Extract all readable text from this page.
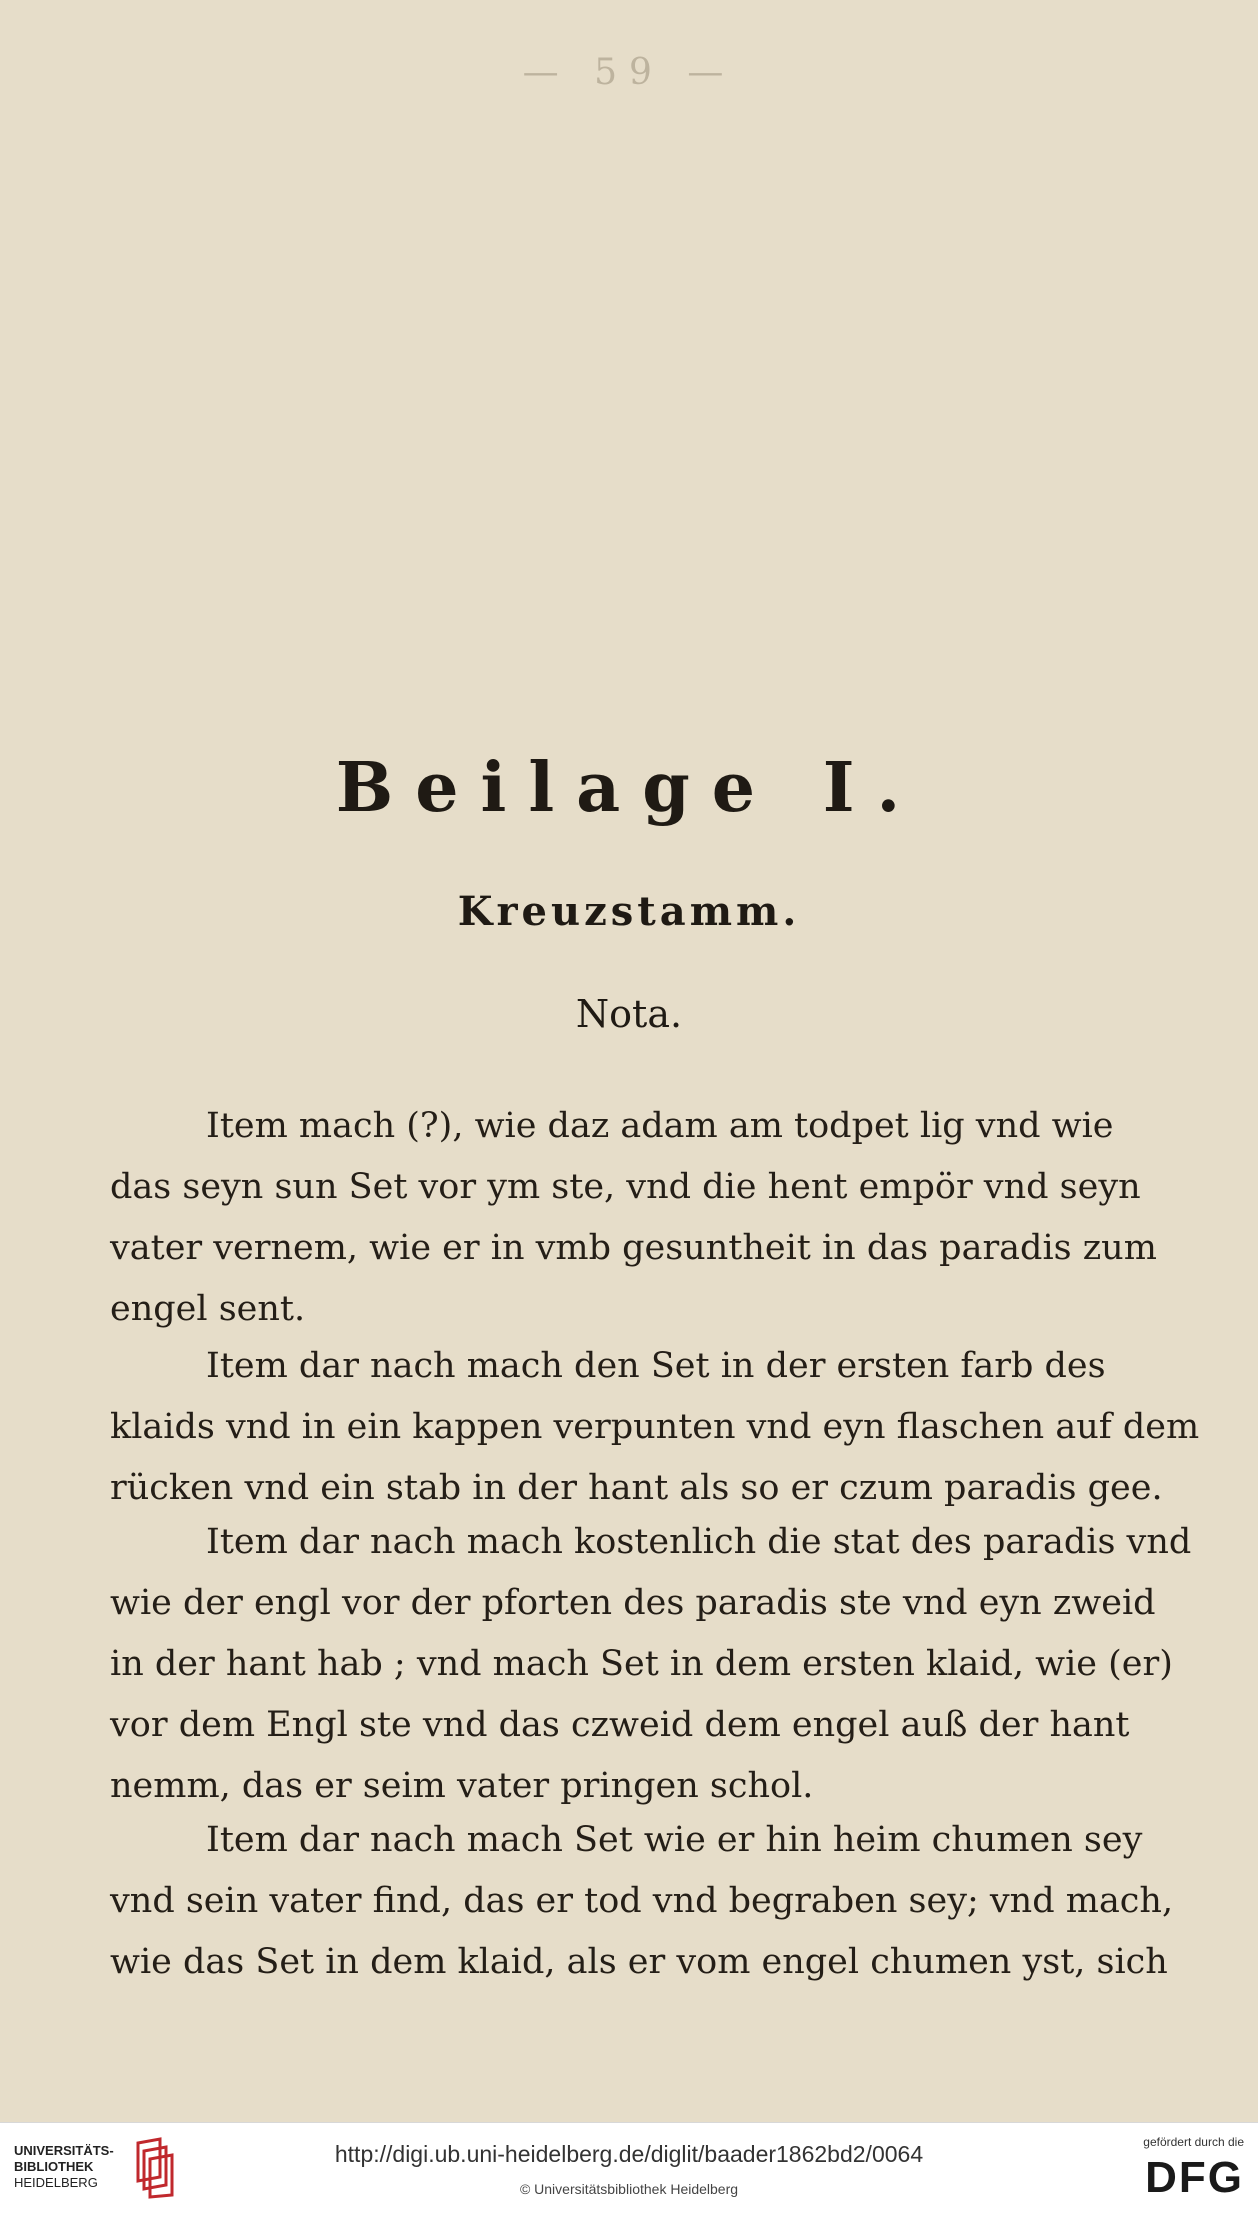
— 59 —
Beilage I.
Kreuzstamm.
Nota.
Item mach (?), wie daz adam am todpet lig vnd wie
das seyn sun Set vor ym ste, vnd die hent empör vnd seyn
vater vernem, wie er in vmb gesuntheit in das paradis zum
engel sent.
Item dar nach mach den Set in der ersten farb des
klaids vnd in ein kappen verpunten vnd eyn flaschen auf dem
rücken vnd ein stab in der hant als so er czum paradis gee.
Item dar nach mach kostenlich die stat des paradis vnd
wie der engl vor der pforten des paradis ste vnd eyn zweid
in der hant hab ; vnd mach Set in dem ersten klaid, wie (er)
vor dem Engl ste vnd das czweid dem engel auß der hant
nemm, das er seim vater pringen schol.
Item dar nach mach Set wie er hin heim chumen sey
vnd sein vater find, das er tod vnd begraben sey; vnd mach,
wie das Set in dem klaid, als er vom engel chumen yst, sich
UNIVERSITÄTS-
BIBLIOTHEK
HEIDELBERG
http://digi.ub.uni-heidelberg.de/diglit/baader1862bd2/0064
© Universitätsbibliothek Heidelberg
gefördert durch die
DFG
